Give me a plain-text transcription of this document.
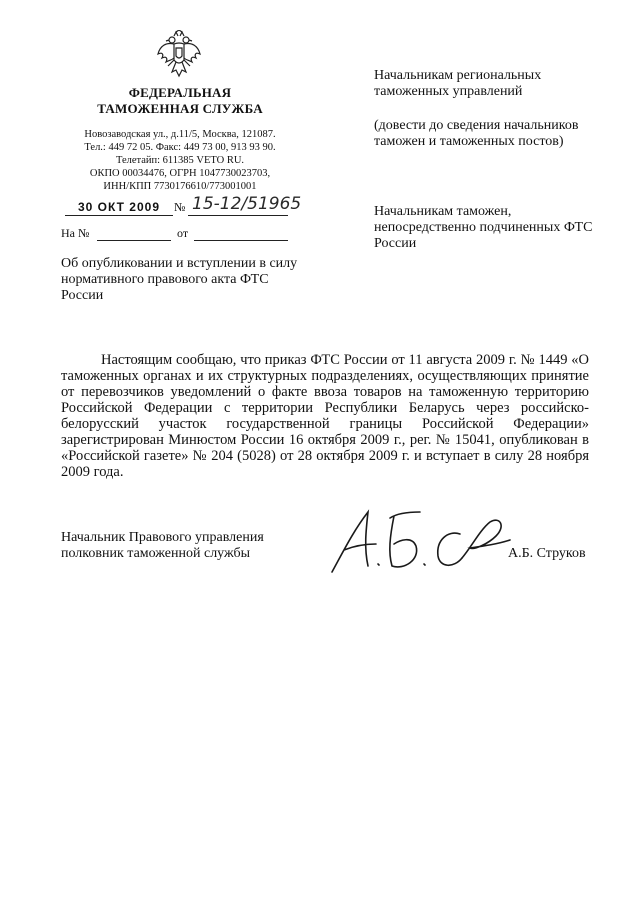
ФЕДЕРАЛЬНАЯ
ТАМОЖЕННАЯ СЛУЖБА
Новозаводская ул., д.11/5, Москва, 121087.
Тел.: 449 72 05. Факс: 449 73 00, 913 93 90.
Телетайп: 611385 VETO RU.
ОКПО 00034476, ОГРН 1047730023703,
ИНН/КПП 7730176610/773001001
30 ОКТ 2009 № 15-12/51965
На №	от
Об опубликовании и вступлении в силу нормативного правового акта ФТС России
Начальникам региональных таможенных управлений
(довести до сведения начальников таможен и таможенных постов)
Начальникам таможен, непосредственно подчиненных ФТС России
Настоящим сообщаю, что приказ ФТС России от 11 августа 2009 г. № 1449 «О таможенных органах и их структурных подразделениях, осуществляющих принятие от перевозчиков уведомлений о факте ввоза товаров на таможенную территорию Российской Федерации с территории Республики Беларусь через российско-белорусский участок государственной границы Российской Федерации» зарегистрирован Минюстом России 16 октября 2009 г., рег. № 15041, опубликован в «Российской газете» № 204 (5028) от 28 октября 2009 г. и вступает в силу 28 ноября 2009 года.
Начальник Правового управления
полковник таможенной службы	А.Б. Струков
